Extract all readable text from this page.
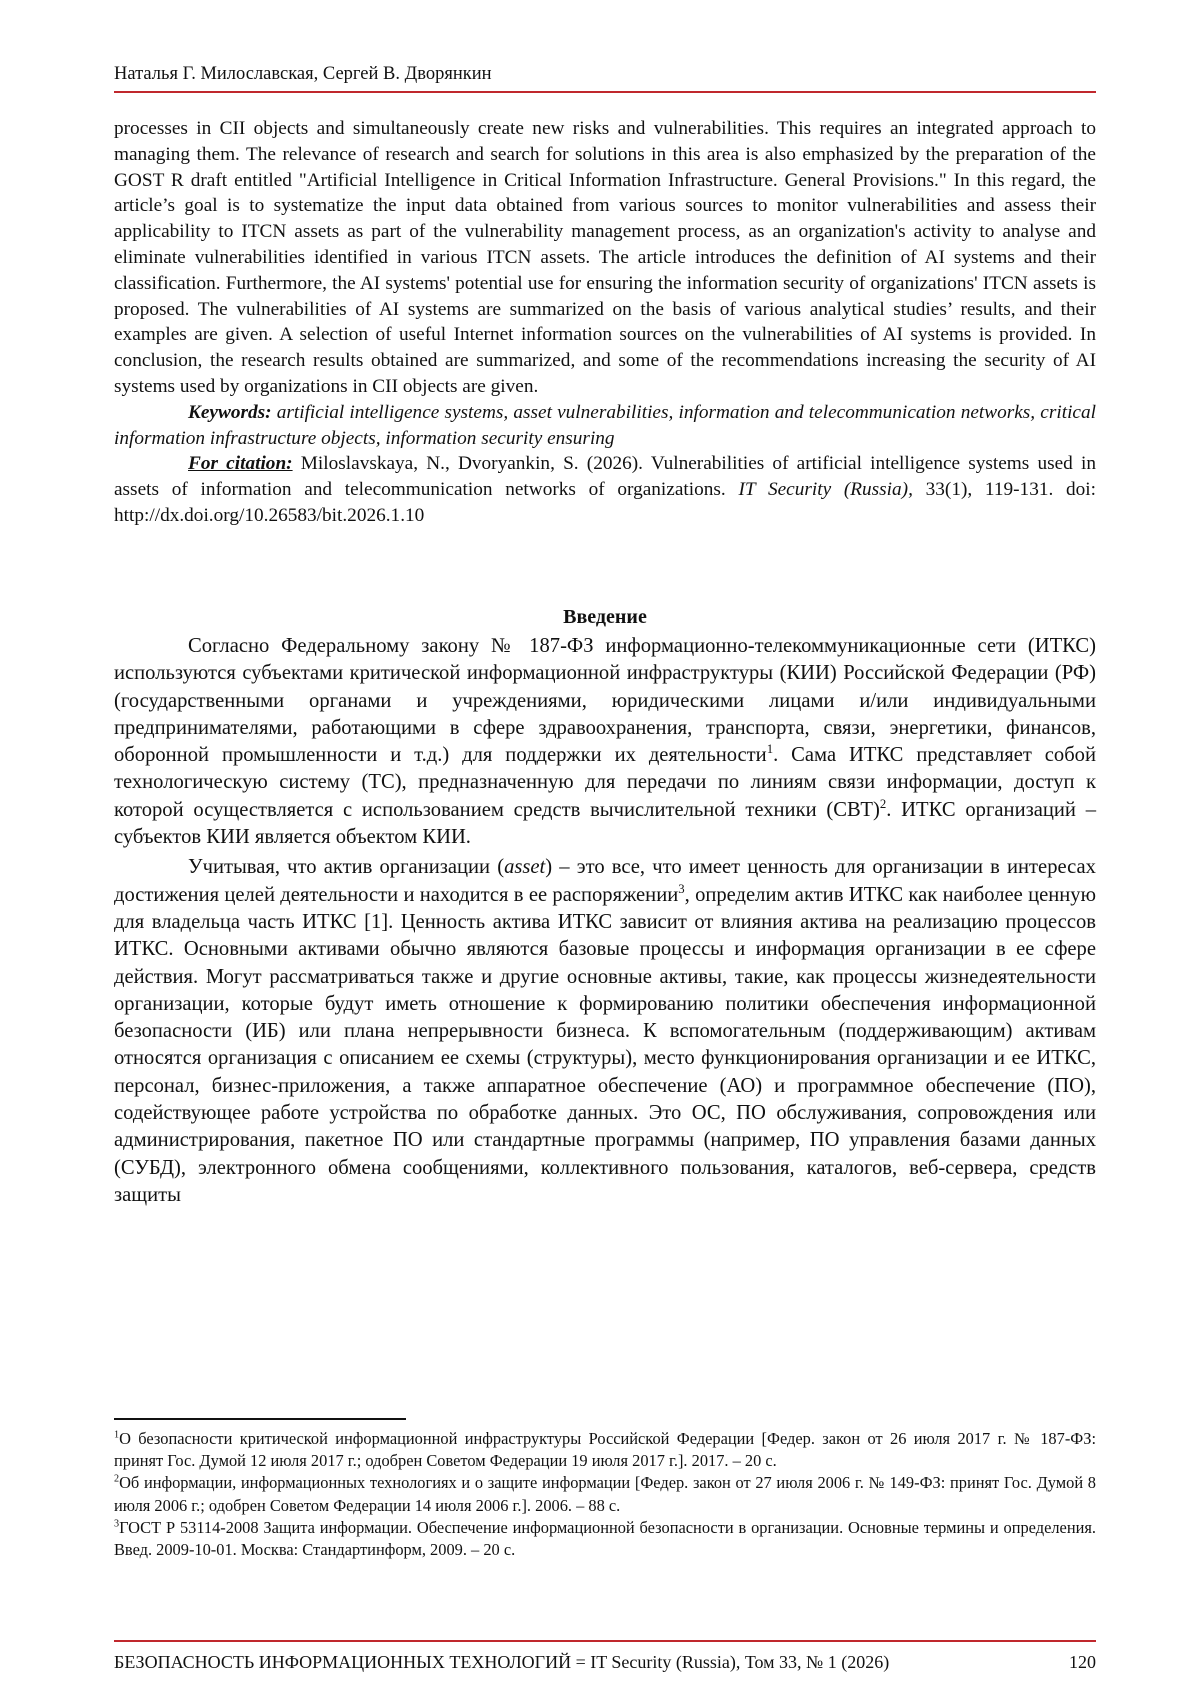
Наталья Г. Милославская, Сергей В. Дворянкин

processes in CII objects and simultaneously create new risks and vulnerabilities. This requires an integrated approach to managing them. The relevance of research and search for solutions in this area is also emphasized by the preparation of the GOST R draft entitled "Artificial Intelligence in Critical Information Infrastructure. General Provisions." In this regard, the article’s goal is to systematize the input data obtained from various sources to monitor vulnerabilities and assess their applicability to ITCN assets as part of the vulnerability management process, as an organization's activity to analyse and eliminate vulnerabilities identified in various ITCN assets. The article introduces the definition of AI systems and their classification. Furthermore, the AI systems' potential use for ensuring the information security of organizations' ITCN assets is proposed. The vulnerabilities of AI systems are summarized on the basis of various analytical studies’ results, and their examples are given. A selection of useful Internet information sources on the vulnerabilities of AI systems is provided. In conclusion, the research results obtained are summarized, and some of the recommendations increasing the security of AI systems used by organizations in CII objects are given.

Keywords: artificial intelligence systems, asset vulnerabilities, information and telecommunication networks, critical information infrastructure objects, information security ensuring

For citation: Miloslavskaya, N., Dvoryankin, S. (2026). Vulnerabilities of artificial intelligence systems used in assets of information and telecommunication networks of organizations. IT Security (Russia), 33(1), 119-131. doi: http://dx.doi.org/10.26583/bit.2026.1.10

Введение

Согласно Федеральному закону № 187-ФЗ информационно-телекоммуникационные сети (ИТКС) используются субъектами критической информационной инфраструктуры (КИИ) Российской Федерации (РФ) (государственными органами и учреждениями, юридическими лицами и/или индивидуальными предпринимателями, работающими в сфере здравоохранения, транспорта, связи, энергетики, финансов, оборонной промышленности и т.д.) для поддержки их деятельности$^1$. Сама ИТКС представляет собой технологическую систему (ТС), предназначенную для передачи по линиям связи информации, доступ к которой осуществляется с использованием средств вычислительной техники (СВТ)$^2$. ИТКС организаций – субъектов КИИ является объектом КИИ.

Учитывая, что актив организации (asset) – это все, что имеет ценность для организации в интересах достижения целей деятельности и находится в ее распоряжении$^3$, определим актив ИТКС как наиболее ценную для владельца часть ИТКС [1]. Ценность актива ИТКС зависит от влияния актива на реализацию процессов ИТКС. Основными активами обычно являются базовые процессы и информация организации в ее сфере действия. Могут рассматриваться также и другие основные активы, такие, как процессы жизнедеятельности организации, которые будут иметь отношение к формированию политики обеспечения информационной безопасности (ИБ) или плана непрерывности бизнеса. К вспомогательным (поддерживающим) активам относятся организация с описанием ее схемы (структуры), место функционирования организации и ее ИТКС, персонал, бизнес-приложения, а также аппаратное обеспечение (АО) и программное обеспечение (ПО), содействующее работе устройства по обработке данных. Это ОС, ПО обслуживания, сопровождения или администрирования, пакетное ПО или стандартные программы (например, ПО управления базами данных (СУБД), электронного обмена сообщениями, коллективного пользования, каталогов, веб-сервера, средств защиты

$^1$О безопасности критической информационной инфраструктуры Российской Федерации [Федер. закон от 26 июля 2017 г. № 187-ФЗ: принят Гос. Думой 12 июля 2017 г.; одобрен Советом Федерации 19 июля 2017 г.]. 2017. – 20 с.

$^2$Об информации, информационных технологиях и о защите информации [Федер. закон от 27 июля 2006 г. № 149-ФЗ: принят Гос. Думой 8 июля 2006 г.; одобрен Советом Федерации 14 июля 2006 г.]. 2006. – 88 с.

$^3$ГОСТ Р 53114-2008 Защита информации. Обеспечение информационной безопасности в организации. Основные термины и определения. Введ. 2009-10-01. Москва: Стандартинформ, 2009. – 20 с.

БЕЗОПАСНОСТЬ ИНФОРМАЦИОННЫХ ТЕХНОЛОГИЙ = IT Security (Russia), Том 33, № 1 (2026)	120
